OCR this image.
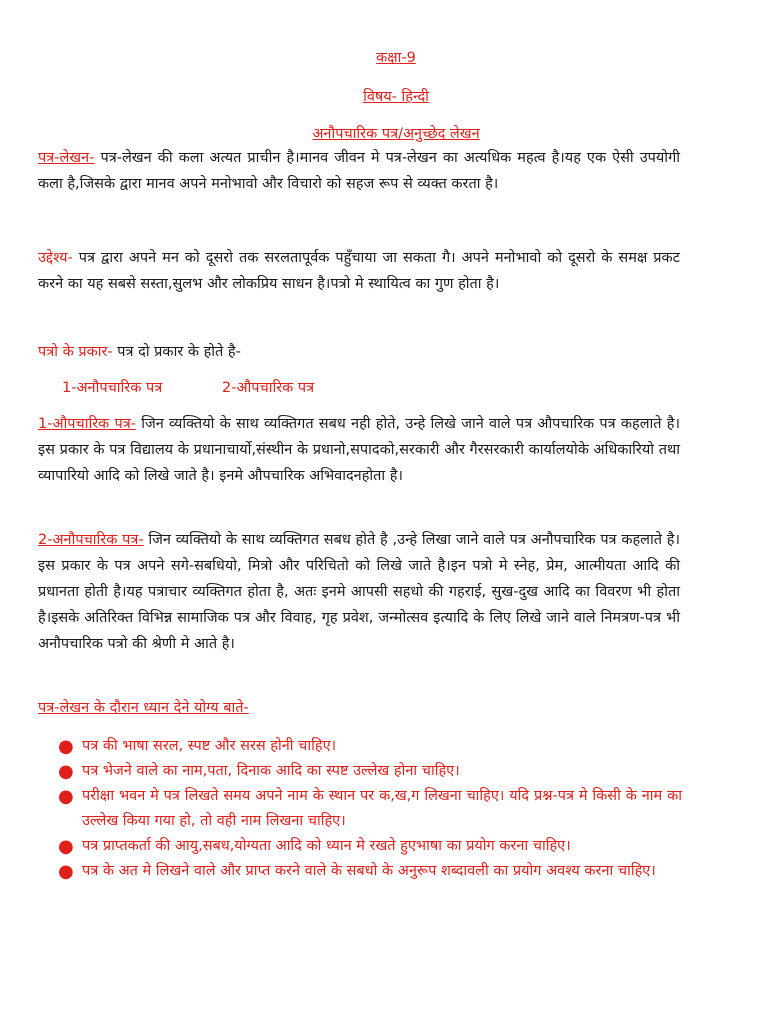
कक्षा-9
विषय- हिन्दी
अनौपचारिक पत्र/अनुच्छेद लेखन

पत्र-लेखन- पत्र-लेखन की कला अत्यत प्राचीन है।मानव जीवन मे पत्र-लेखन का अत्यधिक महत्व है।यह एक ऐसी उपयोगी कला है,जिसके द्वारा मानव अपने मनोभावो और विचारो को सहज रूप से व्यक्त करता है।

उद्देश्य- पत्र द्वारा अपने मन को दूसरो तक सरलतापूर्वक पहुँचाया जा सकता गै। अपने मनोभावो को दूसरो के समक्ष प्रकट करने का यह सबसे सस्ता,सुलभ और लोकप्रिय साधन है।पत्रो मे स्थायित्व का गुण होता है।

पत्रो के प्रकार- पत्र दो प्रकार के होते है-
1-अनौपचारिक पत्र	2-औपचारिक पत्र

1-औपचारिक पत्र- जिन व्यक्तियो के साथ व्यक्तिगत सबध नही होते, उन्हे लिखे जाने वाले पत्र औपचारिक पत्र कहलाते है।इस प्रकार के पत्र विद्यालय के प्रधानाचार्यो,संस्थीन के प्रधानो,सपादको,सरकारी और गैरसरकारी कार्यालयोके अधिकारियो तथा व्यापारियो आदि को लिखे जाते है। इनमे औपचारिक अभिवादनहोता है।

2-अनौपचारिक पत्र- जिन व्यक्तियो के साथ व्यक्तिगत सबध होते है ,उन्हे लिखा जाने वाले पत्र अनौपचारिक पत्र कहलाते है। इस प्रकार के पत्र अपने सगे-सबधियो, मित्रो और परिचितो को लिखे जाते है।इन पत्रो मे स्नेह, प्रेम, आत्मीयता आदि की प्रधानता होती है।यह पत्राचार व्यक्तिगत होता है, अतः इनमे आपसी सहधो की गहराई, सुख-दुख आदि का विवरण भी होता है।इसके अतिरिक्त विभिन्न सामाजिक पत्र और विवाह, गृह प्रवेश, जन्मोत्सव इत्यादि के लिए लिखे जाने वाले निमत्रण-पत्र भी अनौपचारिक पत्रो की श्रेणी मे आते है।

पत्र-लेखन के दौरान ध्यान देने योग्य बाते-
● पत्र की भाषा सरल, स्पष्ट और सरस होनी चाहिए।
● पत्र भेजने वाले का नाम,पता, दिनाक आदि का स्पष्ट उल्लेख होना चाहिए।
● परीक्षा भवन मे पत्र लिखते समय अपने नाम के स्थान पर क,ख,ग लिखना चाहिए। यदि प्रश्न-पत्र मे किसी के नाम का उल्लेख किया गया हो, तो वही नाम लिखना चाहिए।
● पत्र प्राप्तकर्ता की आयु,सबध,योग्यता आदि को ध्यान मे रखते हुएभाषा का प्रयोग करना चाहिए।
● पत्र के अत मे लिखने वाले और प्राप्त करने वाले के सबधो के अनुरूप शब्दावली का प्रयोग अवश्य करना चाहिए।
